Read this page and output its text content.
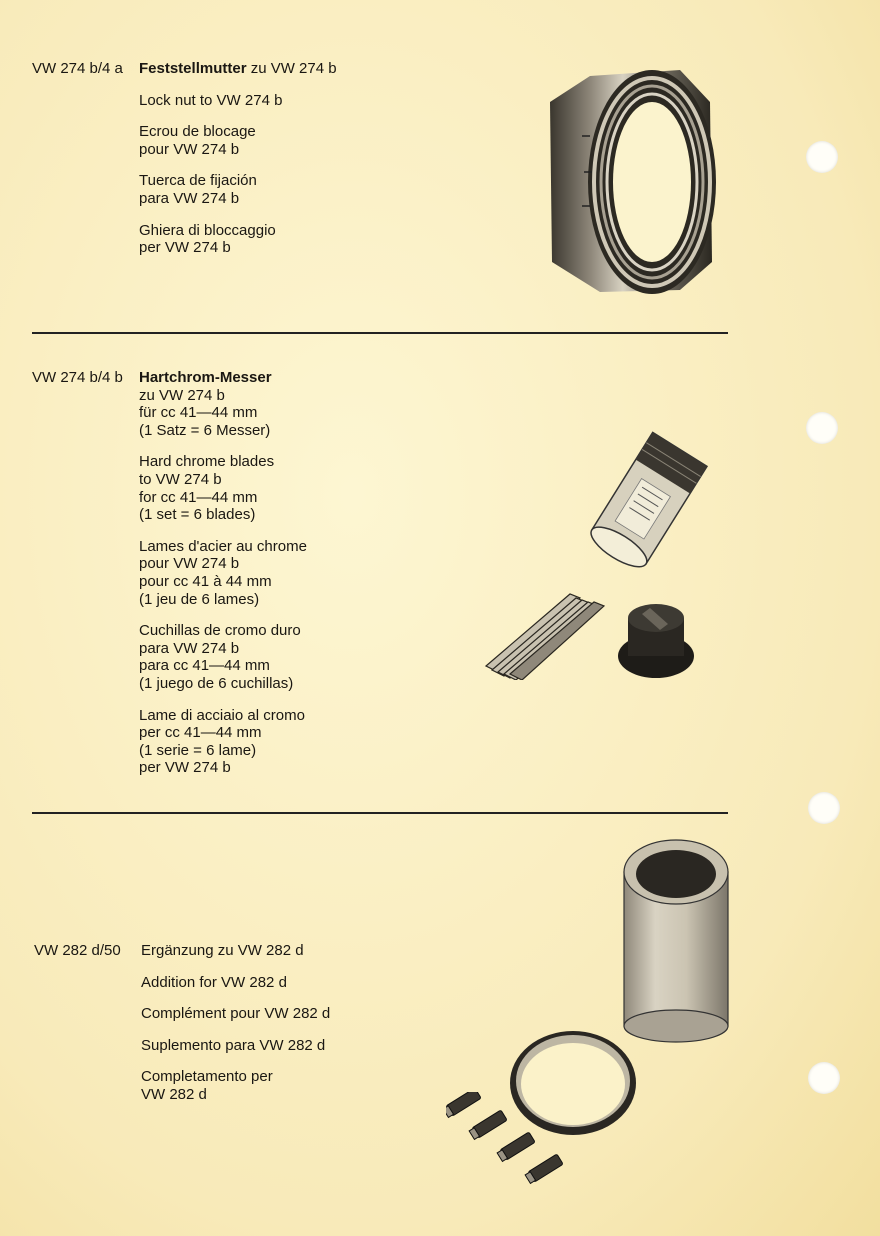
VW 274 b/4 a Feststellmutter zu VW 274 b

Lock nut to VW 274 b

Ecrou de blocage
pour VW 274 b

Tuerca de fijación
para VW 274 b

Ghiera di bloccaggio
per VW 274 b

VW 274 b/4 b Hartchrom-Messer
zu VW 274 b
für cc 41—44 mm
(1 Satz = 6 Messer)

Hard chrome blades
to VW 274 b
for cc 41—44 mm
(1 set = 6 blades)

Lames d'acier au chrome
pour VW 274 b
pour cc 41 à 44 mm
(1 jeu de 6 lames)

Cuchillas de cromo duro
para VW 274 b
para cc 41—44 mm
(1 juego de 6 cuchillas)

Lame di acciaio al cromo
per cc 41—44 mm
(1 serie = 6 lame)
per VW 274 b

VW 282 d/50 Ergänzung zu VW 282 d

Addition for VW 282 d

Complément pour VW 282 d

Suplemento para VW 282 d

Completamento per
VW 282 d
